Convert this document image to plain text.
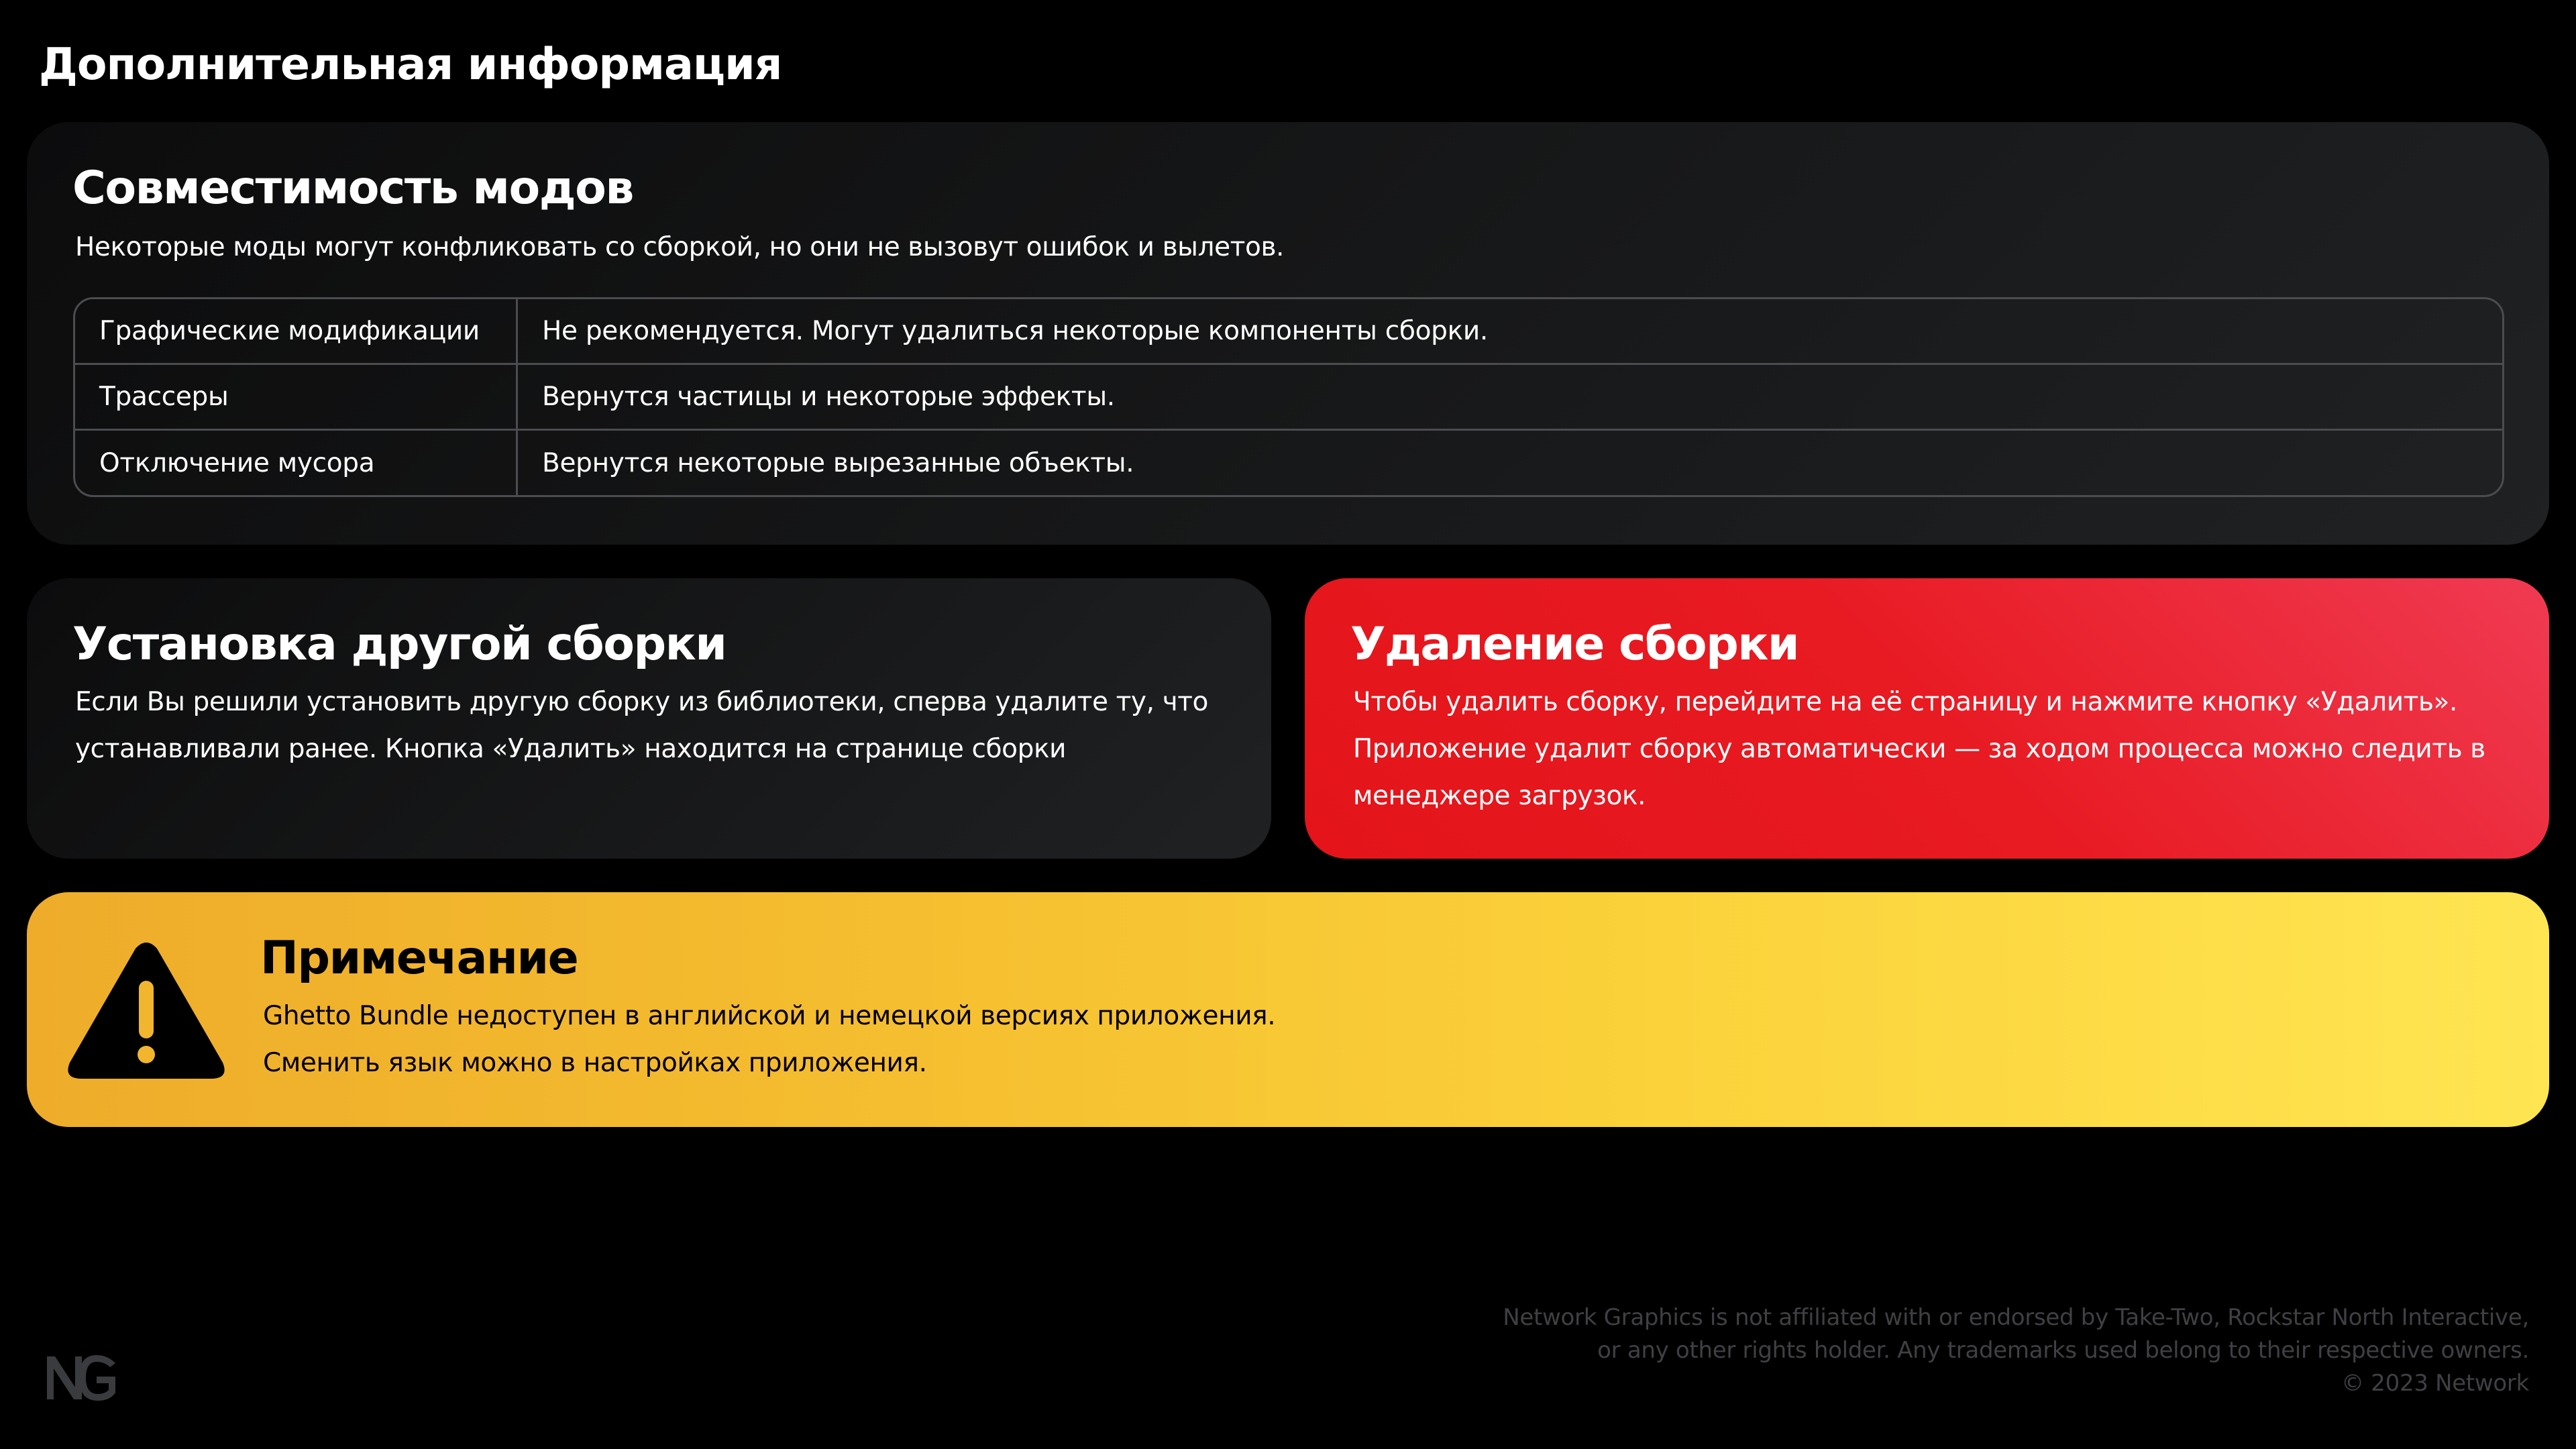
Дополнительная информация
Совместимость модов

Некоторые моды могут конфликовать со сборкой, но они не вызовут ошибок и вылетов.

Графические модификации	Не рекомендуется. Могут удалиться некоторые компоненты сборки.
Трассеры	Вернутся частицы и некоторые эффекты.
Отключение мусора	Вернутся некоторые вырезанные объекты.
Установка другой сборки

Если Вы решили установить другую сборку из библиотеки, сперва удалите ту, что устанавливали ранее. Кнопка «Удалить» находится на странице сборки

Удаление сборки

Чтобы удалить сборку, перейдите на её страницу и нажмите кнопку «Удалить». Приложение удалит сборку автоматически — за ходом процесса можно следить в менеджере загрузок.

Примечание
Ghetto Bundle недоступен в английской и немецкой версиях приложения.
Сменить язык можно в настройках приложения.
Network Graphics is not affiliated with or endorsed by Take-Two, Rockstar North Interactive,
or any other rights holder. Any trademarks used belong to their respective owners.
© 2023 Network
